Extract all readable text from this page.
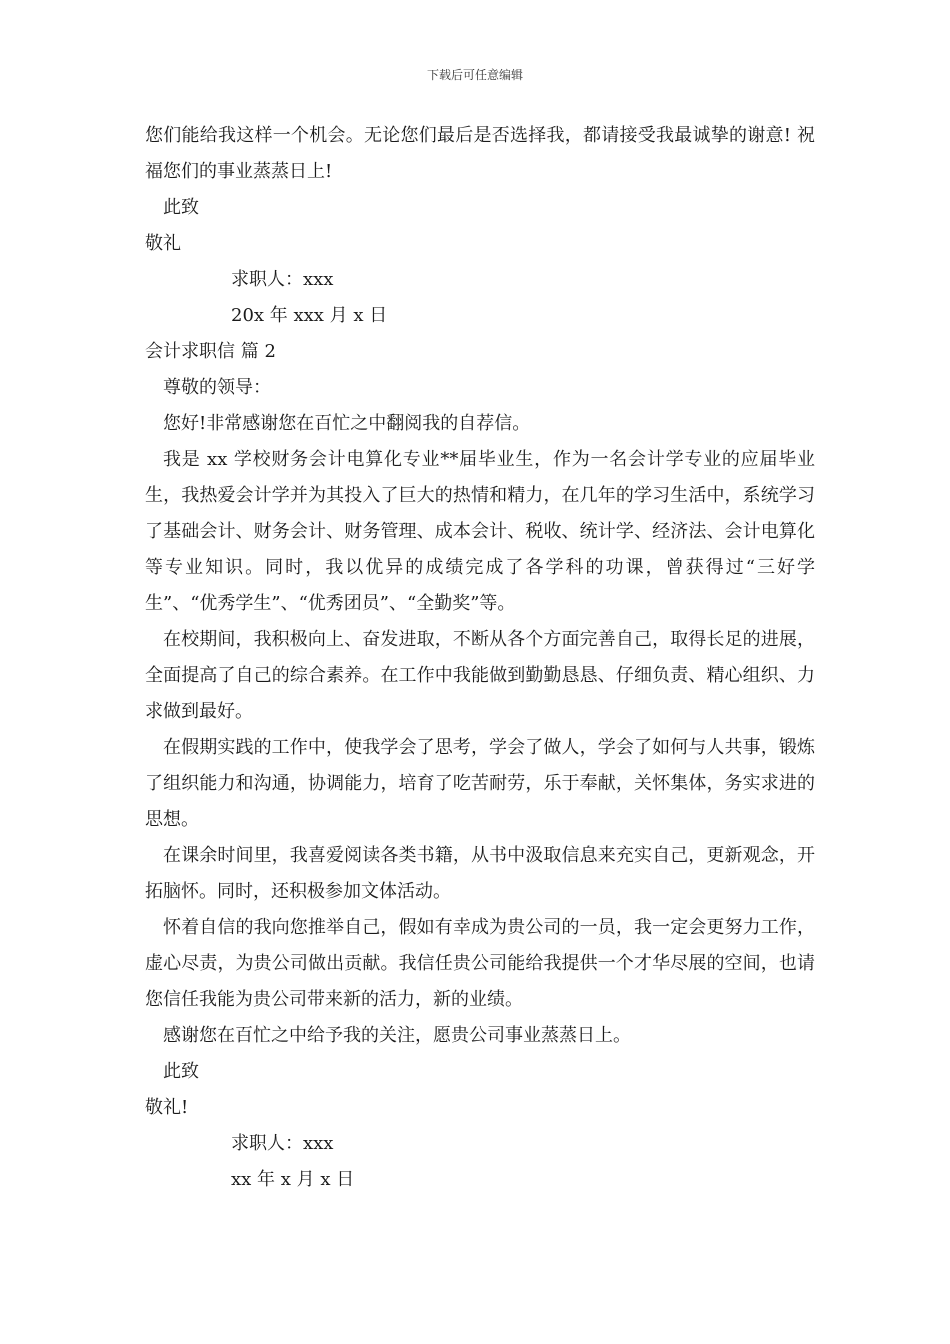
下载后可任意编辑

您们能给我这样一个机会。无论您们最后是否选择我，都请接受我最诚挚的谢意! 祝福您们的事业蒸蒸日上!

此致
敬礼
求职人：xxx
20x 年 xxx 月 x 日
会计求职信 篇 2
尊敬的领导：

您好!非常感谢您在百忙之中翻阅我的自荐信。

我是 xx 学校财务会计电算化专业**届毕业生，作为一名会计学专业的应届毕业生，我热爱会计学并为其投入了巨大的热情和精力，在几年的学习生活中，系统学习了基础会计、财务会计、财务管理、成本会计、税收、统计学、经济法、会计电算化等专业知识。同时，我以优异的成绩完成了各学科的功课，曾获得过“三好学生”、“优秀学生”、“优秀团员”、“全勤奖”等。

在校期间，我积极向上、奋发进取，不断从各个方面完善自己，取得长足的进展，全面提高了自己的综合素养。在工作中我能做到勤勤恳恳、仔细负责、精心组织、力求做到最好。

在假期实践的工作中，使我学会了思考，学会了做人，学会了如何与人共事，锻炼了组织能力和沟通，协调能力，培育了吃苦耐劳，乐于奉献，关怀集体，务实求进的思想。

在课余时间里，我喜爱阅读各类书籍，从书中汲取信息来充实自己，更新观念，开拓脑怀。同时，还积极参加文体活动。

怀着自信的我向您推举自己，假如有幸成为贵公司的一员，我一定会更努力工作，虚心尽责，为贵公司做出贡献。我信任贵公司能给我提供一个才华尽展的空间，也请您信任我能为贵公司带来新的活力，新的业绩。

感谢您在百忙之中给予我的关注，愿贵公司事业蒸蒸日上。

此致
敬礼!
求职人：xxx
xx 年 x 月 x 日
